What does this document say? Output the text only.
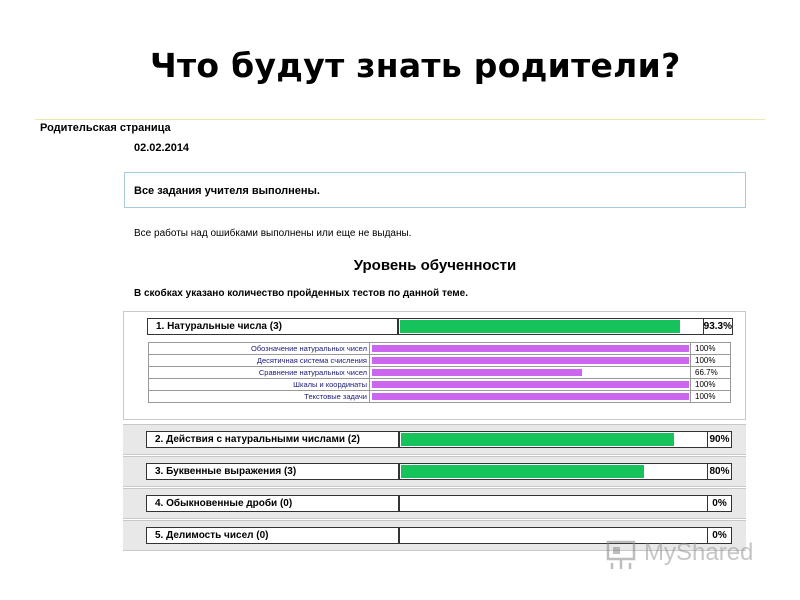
Что будут знать родители?
Родительская страница
02.02.2014
Все задания учителя выполнены.
Все работы над ошибками выполнены или еще не выданы.
Уровень обученности
В скобках указано количество пройденных тестов по данной теме.
1. Натуральные числа (3)	93.3%
Обозначение натуральных чисел		100%
Десятичная система счисления		100%
Сравнение натуральных чисел		66.7%
Шкалы и координаты		100%
Текстовые задачи		100%
2. Действия с натуральными числами (2)	90%
3. Буквенные выражения (3)	80%
4. Обыкновенные дроби (0)	0%
5. Делимость чисел (0)	0%
MyShared
